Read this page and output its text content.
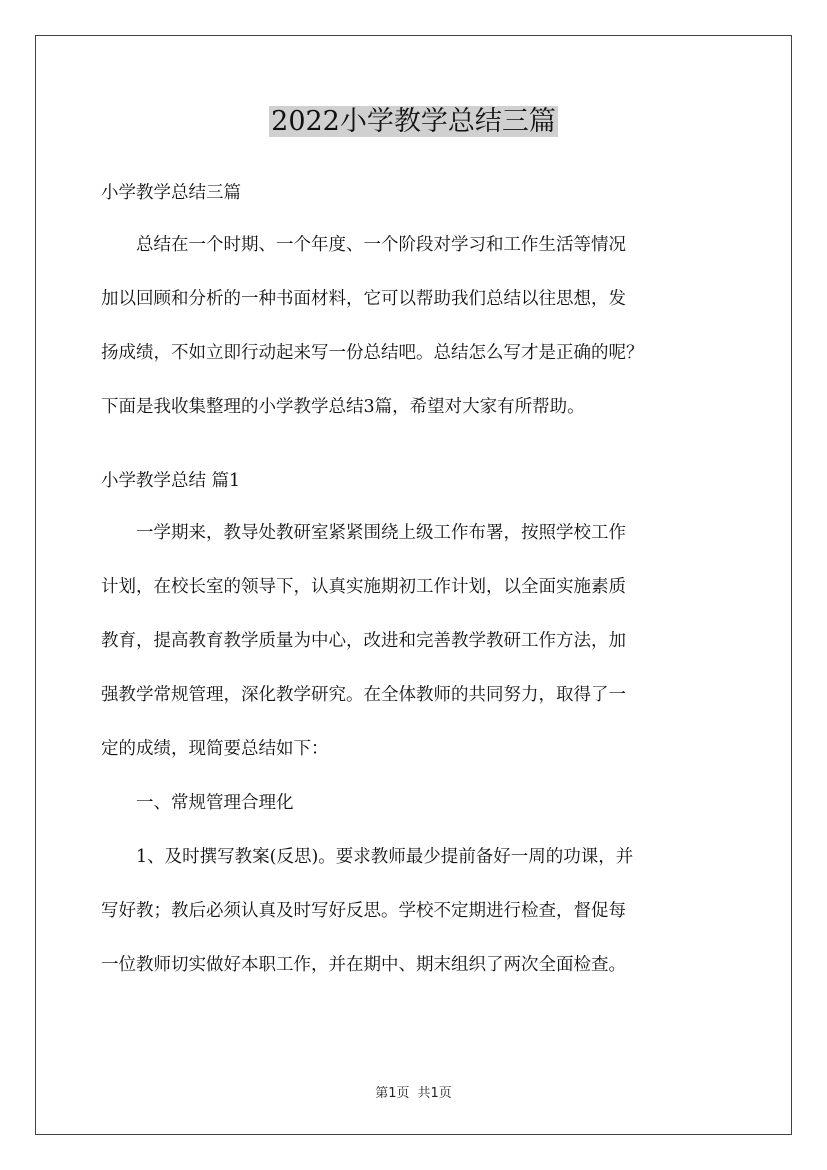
2022小学教学总结三篇

小学教学总结三篇

总结在一个时期、一个年度、一个阶段对学习和工作生活等情况

加以回顾和分析的一种书面材料，它可以帮助我们总结以往思想，发

扬成绩，不如立即行动起来写一份总结吧。总结怎么写才是正确的呢？

下面是我收集整理的小学教学总结3篇，希望对大家有所帮助。

小学教学总结 篇1

一学期来，教导处教研室紧紧围绕上级工作布署，按照学校工作

计划，在校长室的领导下，认真实施期初工作计划，以全面实施素质

教育，提高教育教学质量为中心，改进和完善教学教研工作方法，加

强教学常规管理，深化教学研究。在全体教师的共同努力，取得了一

定的成绩，现简要总结如下：

一、常规管理合理化

1、及时撰写教案(反思)。要求教师最少提前备好一周的功课，并

写好教；教后必须认真及时写好反思。学校不定期进行检查，督促每

一位教师切实做好本职工作，并在期中、期末组织了两次全面检查。

第1页 共1页
